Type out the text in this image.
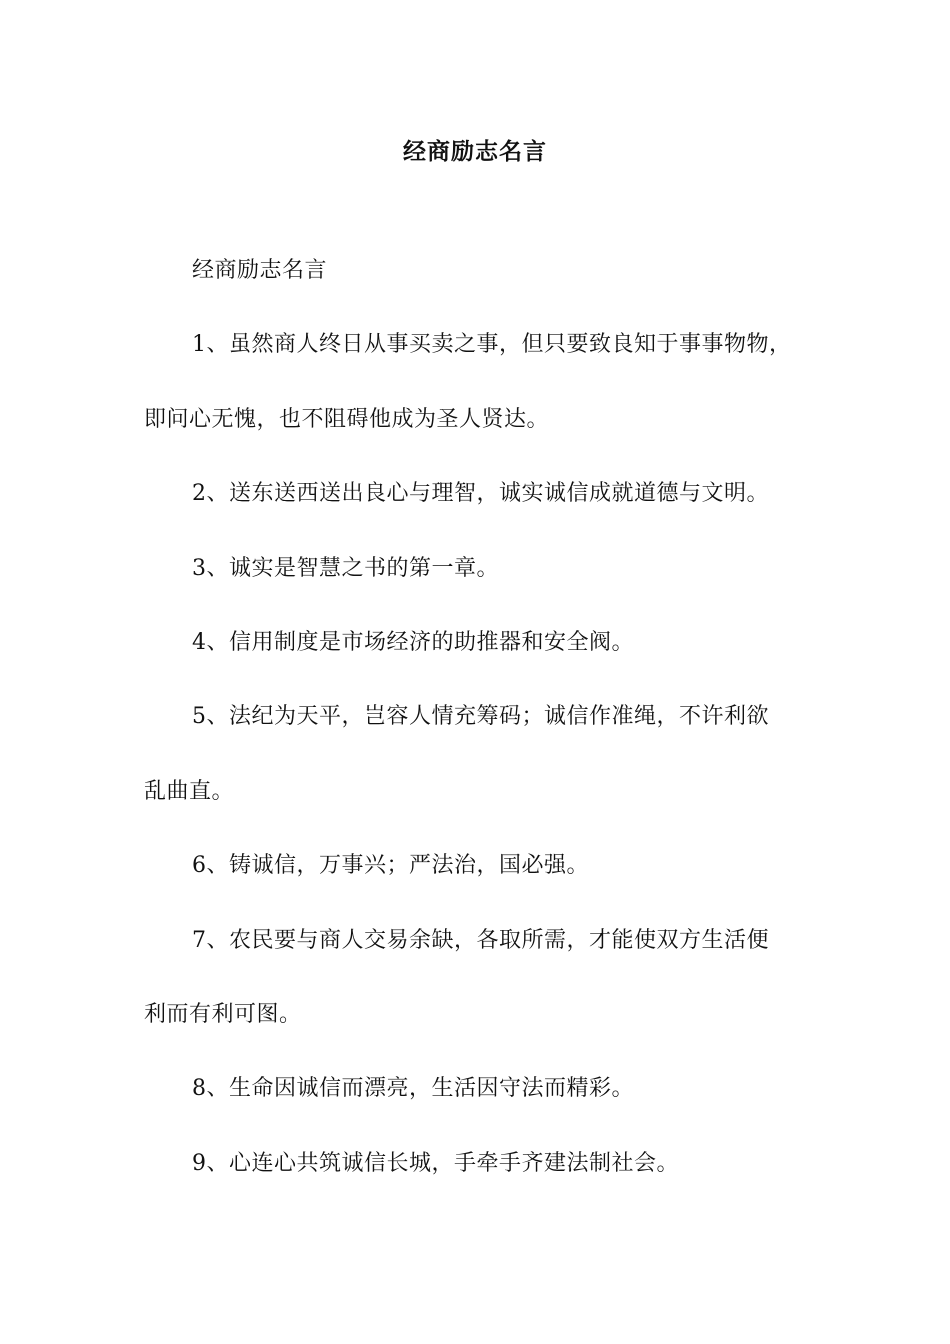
经商励志名言

经商励志名言

1、虽然商人终日从事买卖之事，但只要致良知于事事物物，
即问心无愧，也不阻碍他成为圣人贤达。

2、送东送西送出良心与理智，诚实诚信成就道德与文明。

3、诚实是智慧之书的第一章。

4、信用制度是市场经济的助推器和安全阀。

5、法纪为天平，岂容人情充筹码；诚信作准绳，不许利欲
乱曲直。

6、铸诚信，万事兴；严法治，国必强。

7、农民要与商人交易余缺，各取所需，才能使双方生活便
利而有利可图。

8、生命因诚信而漂亮，生活因守法而精彩。

9、心连心共筑诚信长城，手牵手齐建法制社会。
